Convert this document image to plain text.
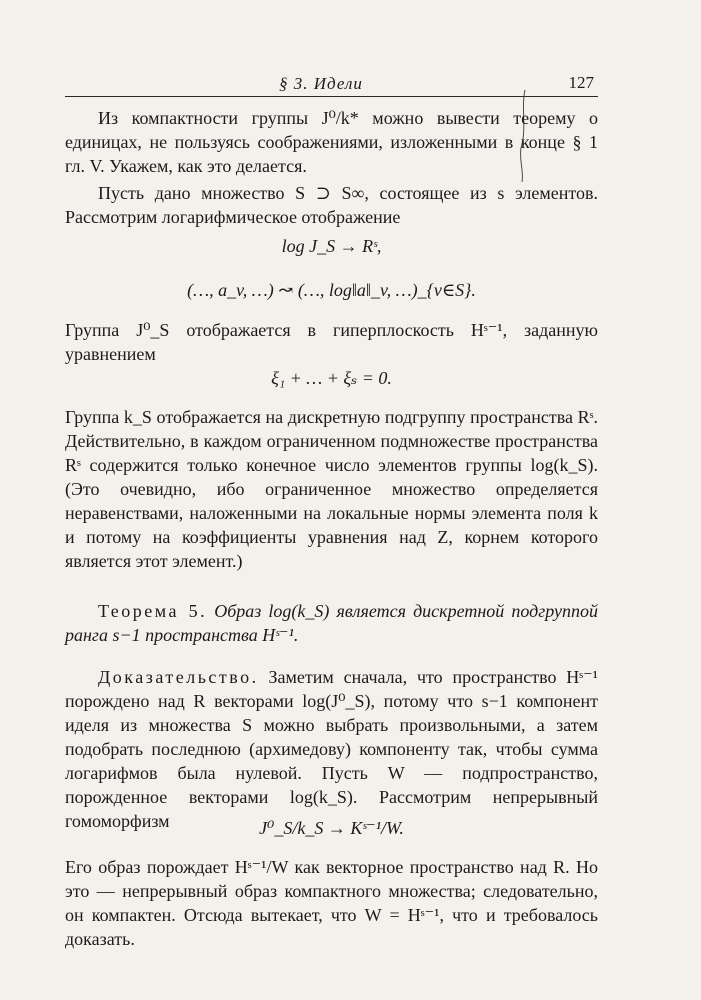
§ 3. Идели	127

Из компактности группы J⁰/k* можно вывести теорему о единицах, не пользуясь соображениями, изложенными в конце § 1 гл. V. Укажем, как это делается.

Пусть дано множество S ⊃ S∞, состоящее из s элементов. Рассмотрим логарифмическое отображение

log J_S → Rˢ,
(…, a_v, …) ↝ (…, log‖a‖_v, …)_{v∈S}.

Группа J⁰_S отображается в гиперплоскость Hˢ⁻¹, заданную уравнением

ξ₁ + … + ξₛ = 0.

Группа k_S отображается на дискретную подгруппу пространства Rˢ. Действительно, в каждом ограниченном подмножестве пространства Rˢ содержится только конечное число элементов группы log(k_S). (Это очевидно, ибо ограниченное множество определяется неравенствами, наложенными на локальные нормы элемента поля k и потому на коэффициенты уравнения над Z, корнем которого является этот элемент.)

Теорема 5. Образ log(k_S) является дискретной подгруппой ранга s−1 пространства Hˢ⁻¹.

Доказательство. Заметим сначала, что пространство Hˢ⁻¹ порождено над R векторами log(J⁰_S), потому что s−1 компонент иделя из множества S можно выбрать произвольными, а затем подобрать последнюю (архимедову) компоненту так, чтобы сумма логарифмов была нулевой. Пусть W — подпространство, порожденное векторами log(k_S). Рассмотрим непрерывный гомоморфизм	J⁰_S/k_S → Kˢ⁻¹/W.

Его образ порождает Hˢ⁻¹/W как векторное пространство над R. Но это — непрерывный образ компактного множества; следовательно, он компактен. Отсюда вытекает, что W = Hˢ⁻¹, что и требовалось доказать.
